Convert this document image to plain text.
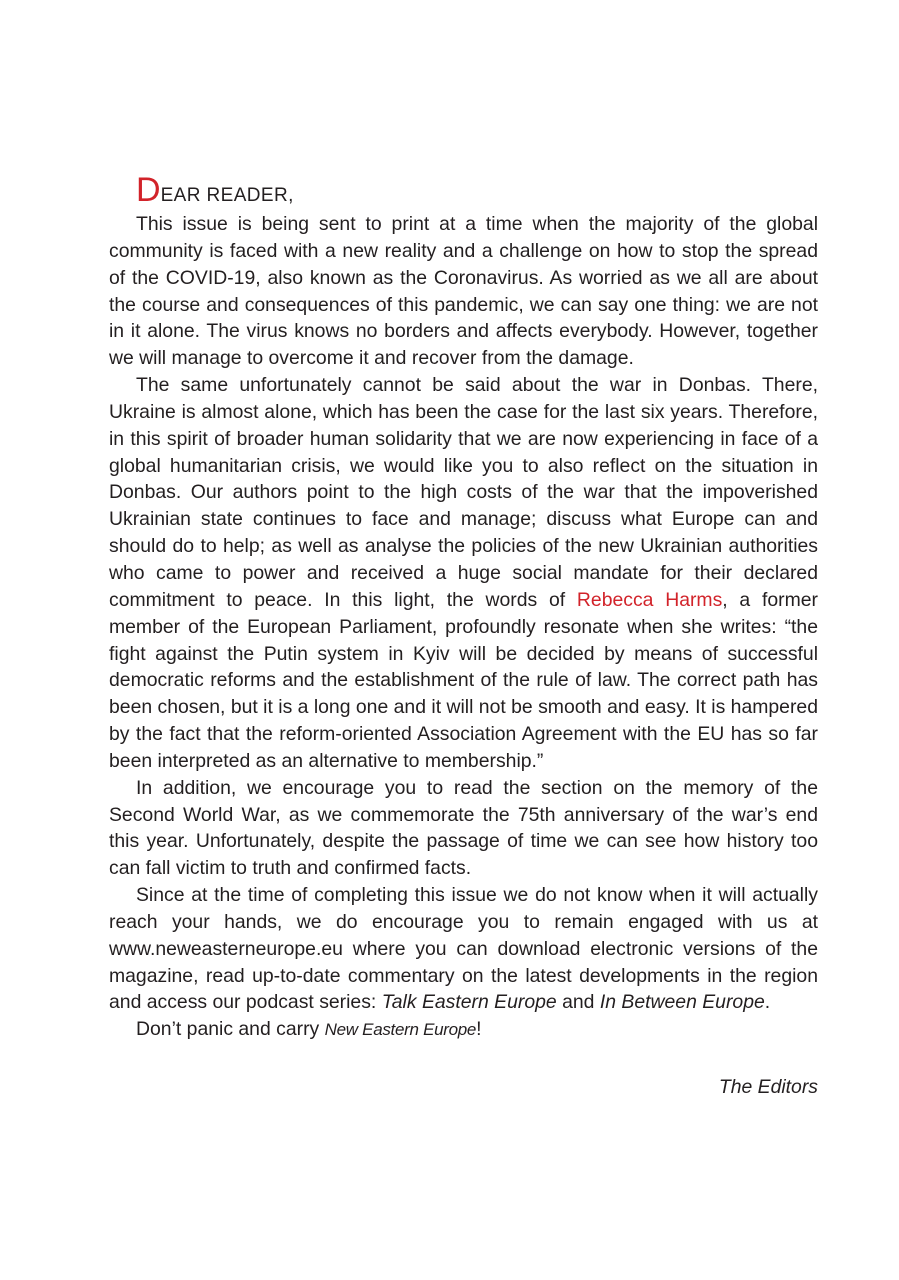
DEAR READER,

This issue is being sent to print at a time when the majority of the global community is faced with a new reality and a challenge on how to stop the spread of the COVID-19, also known as the Coronavirus. As worried as we all are about the course and consequences of this pandemic, we can say one thing: we are not in it alone. The virus knows no borders and affects everybody. However, together we will manage to overcome it and recover from the damage.

The same unfortunately cannot be said about the war in Donbas. There, Ukraine is almost alone, which has been the case for the last six years. Therefore, in this spirit of broader human solidarity that we are now experiencing in face of a global humanitarian crisis, we would like you to also reflect on the situation in Donbas. Our authors point to the high costs of the war that the impoverished Ukrainian state continues to face and manage; discuss what Europe can and should do to help; as well as analyse the policies of the new Ukrainian authorities who came to power and received a huge social mandate for their declared commitment to peace. In this light, the words of Rebecca Harms, a former member of the European Parliament, profoundly resonate when she writes: “the fight against the Putin system in Kyiv will be decided by means of successful democratic reforms and the establishment of the rule of law. The correct path has been chosen, but it is a long one and it will not be smooth and easy. It is hampered by the fact that the reform-oriented Association Agreement with the EU has so far been interpreted as an alternative to membership.”

In addition, we encourage you to read the section on the memory of the Second World War, as we commemorate the 75th anniversary of the war’s end this year. Unfortunately, despite the passage of time we can see how history too can fall victim to truth and confirmed facts.

Since at the time of completing this issue we do not know when it will actually reach your hands, we do encourage you to remain engaged with us at www.neweasterneurope.eu where you can download electronic versions of the magazine, read up-to-date commentary on the latest developments in the region and access our podcast series: Talk Eastern Europe and In Between Europe.

Don’t panic and carry New Eastern Europe!

The Editors
